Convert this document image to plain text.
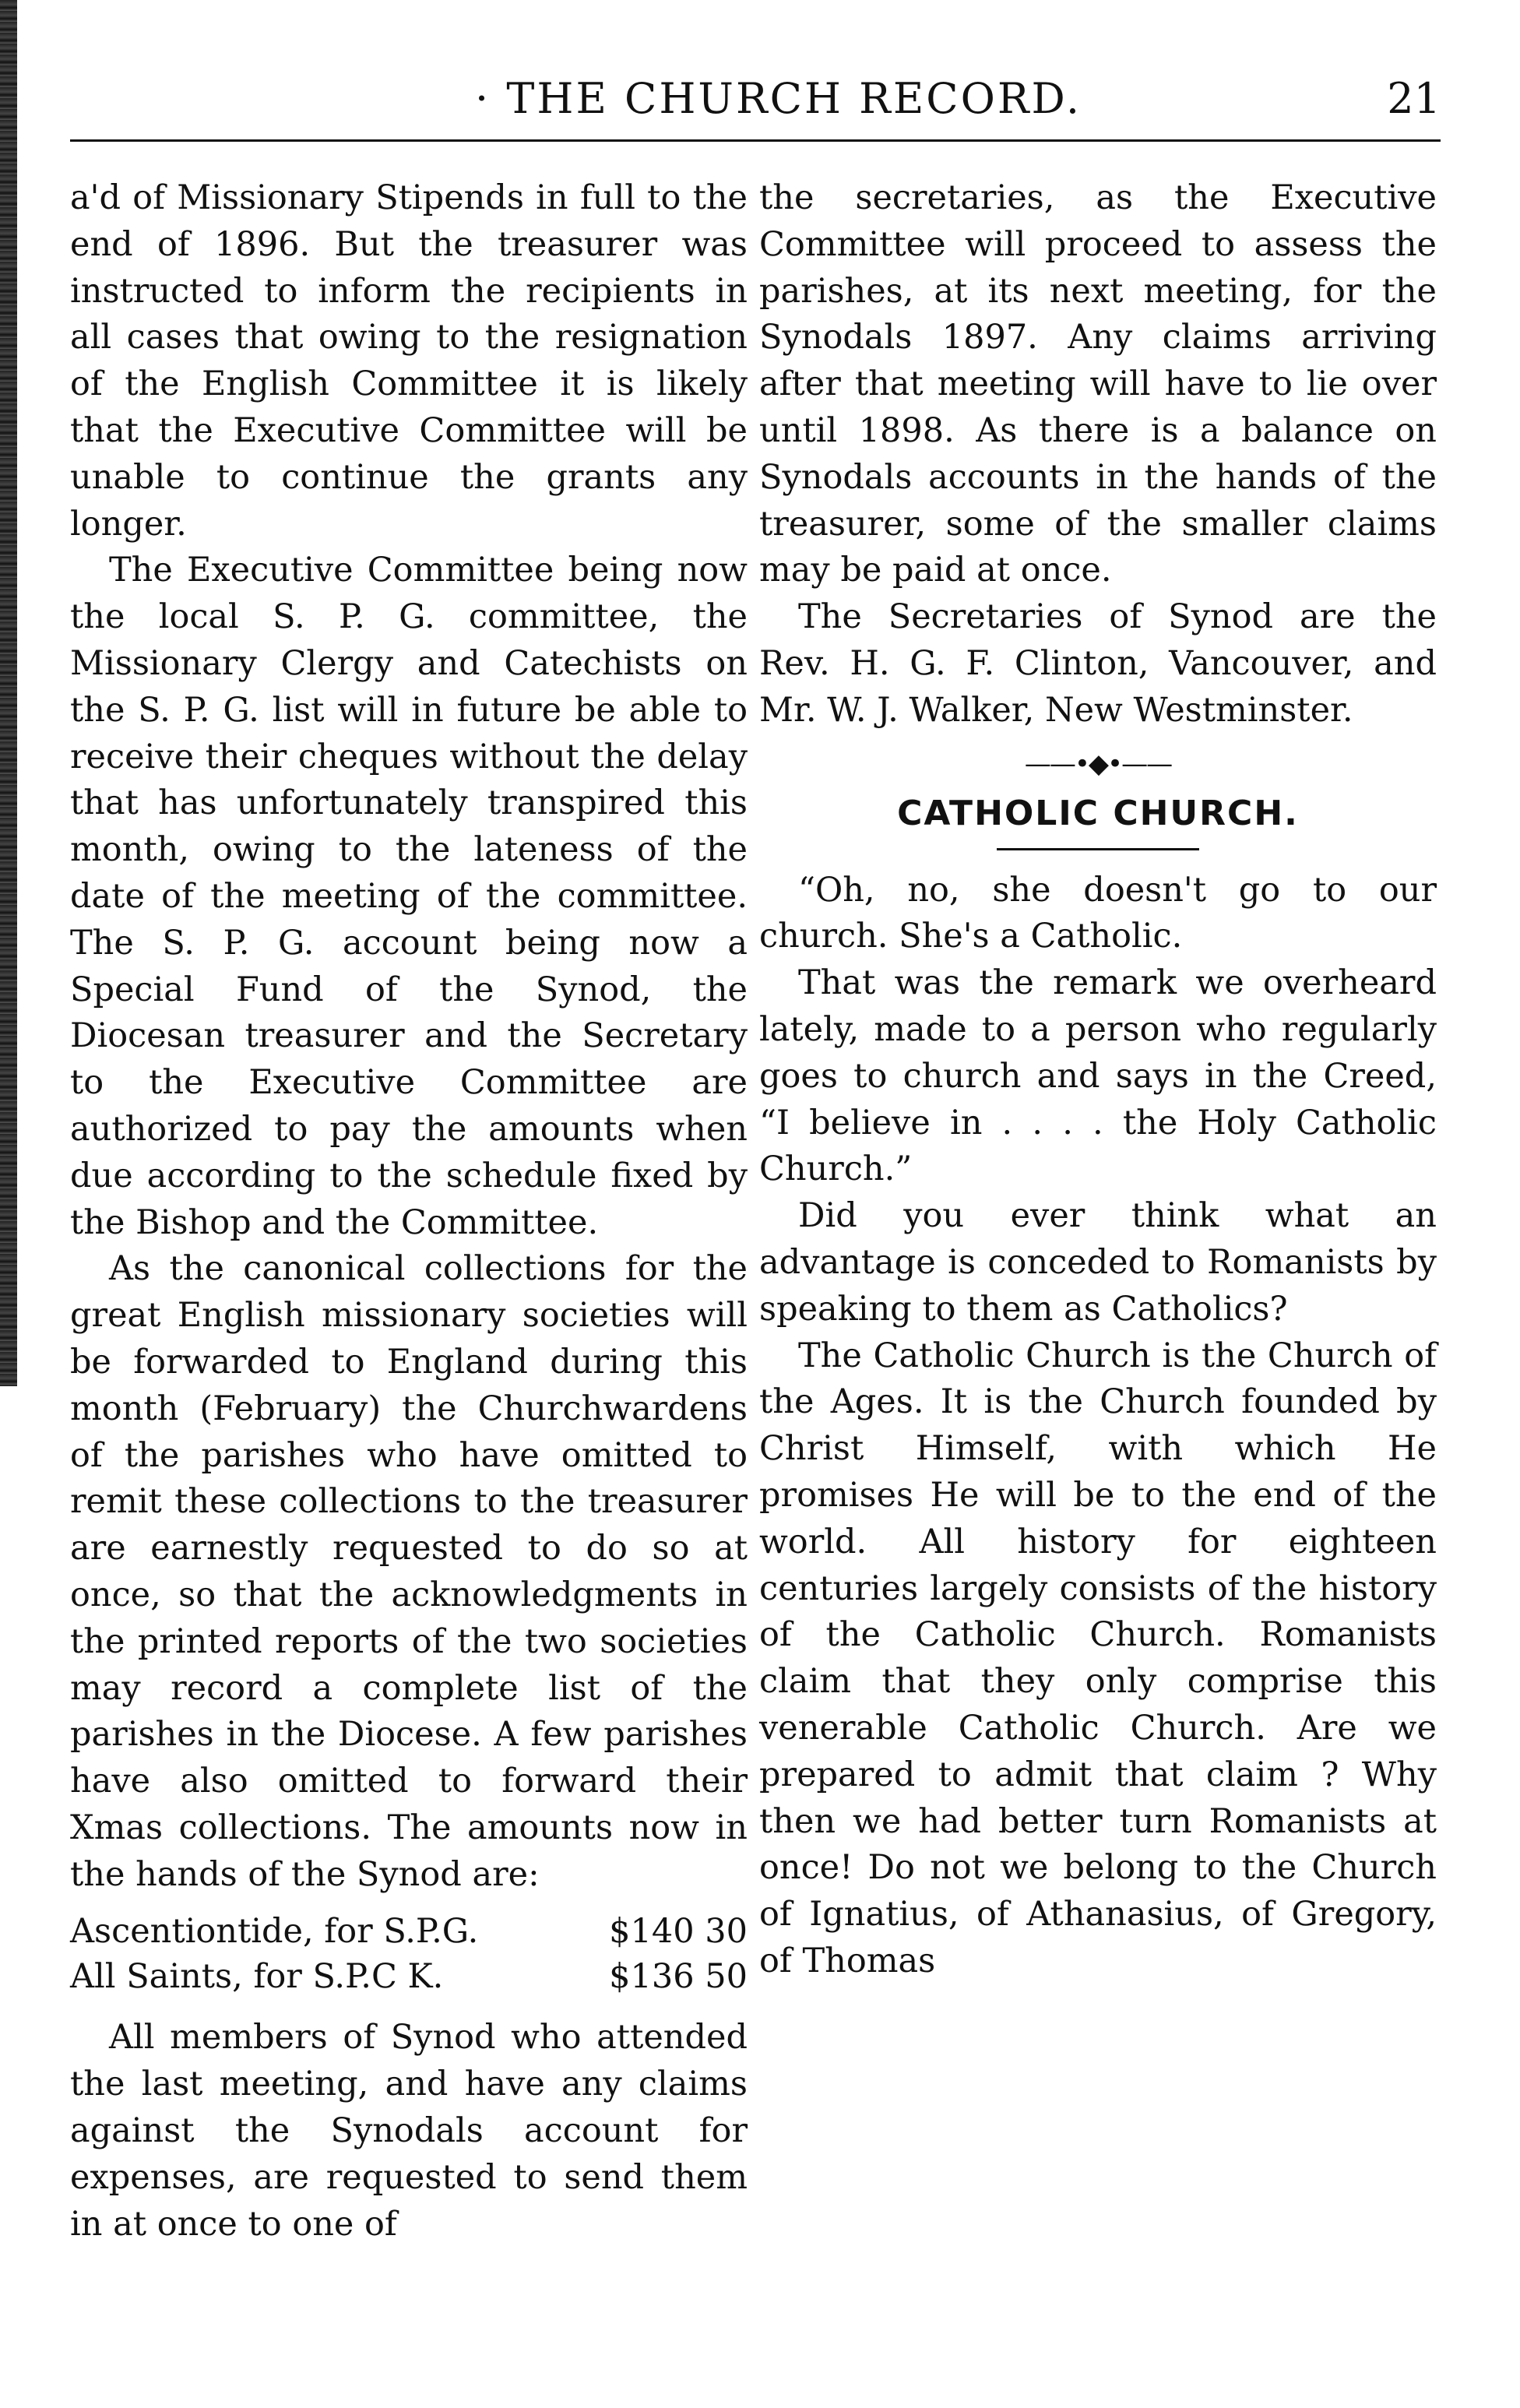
· THE CHURCH RECORD.	21

a'd of Missionary Stipends in full to the end of 1896. But the treasurer was instructed to inform the recipients in all cases that owing to the resignation of the English Committee it is likely that the Executive Committee will be unable to continue the grants any longer.

The Executive Committee being now the local S. P. G. committee, the Missionary Clergy and Catechists on the S. P. G. list will in future be able to receive their cheques without the delay that has unfortunately transpired this month, owing to the lateness of the date of the meeting of the committee. The S. P. G. account being now a Special Fund of the Synod, the Diocesan treasurer and the Secretary to the Executive Committee are authorized to pay the amounts when due according to the schedule fixed by the Bishop and the Committee.

As the canonical collections for the great English missionary societies will be forwarded to England during this month (February) the Churchwardens of the parishes who have omitted to remit these collections to the treasurer are earnestly requested to do so at once, so that the acknowledgments in the printed reports of the two societies may record a complete list of the parishes in the Diocese. A few parishes have also omitted to forward their Xmas collections. The amounts now in the hands of the Synod are:

Ascentiontide, for S.P.G.	$140 30
All Saints, for S.P.C K.	$136 50

All members of Synod who attended the last meeting, and have any claims against the Synodals account for expenses, are requested to send them in at once to one of

the secretaries, as the Executive Committee will proceed to assess the parishes, at its next meeting, for the Synodals 1897. Any claims arriving after that meeting will have to lie over until 1898. As there is a balance on Synodals accounts in the hands of the treasurer, some of the smaller claims may be paid at once.

The Secretaries of Synod are the Rev. H. G. F. Clinton, Vancouver, and Mr. W. J. Walker, New Westminster.

——•◆•——
CATHOLIC CHURCH.

“Oh, no, she doesn't go to our church. She's a Catholic.

That was the remark we overheard lately, made to a person who regularly goes to church and says in the Creed, “I believe in . . . . the Holy Catholic Church.”

Did you ever think what an advantage is conceded to Romanists by speaking to them as Catholics?

The Catholic Church is the Church of the Ages. It is the Church founded by Christ Himself, with which He promises He will be to the end of the world. All history for eighteen centuries largely consists of the history of the Catholic Church. Romanists claim that they only comprise this venerable Catholic Church. Are we prepared to admit that claim ? Why then we had better turn Romanists at once! Do not we belong to the Church of Ignatius, of Athanasius, of Gregory, of Thomas
